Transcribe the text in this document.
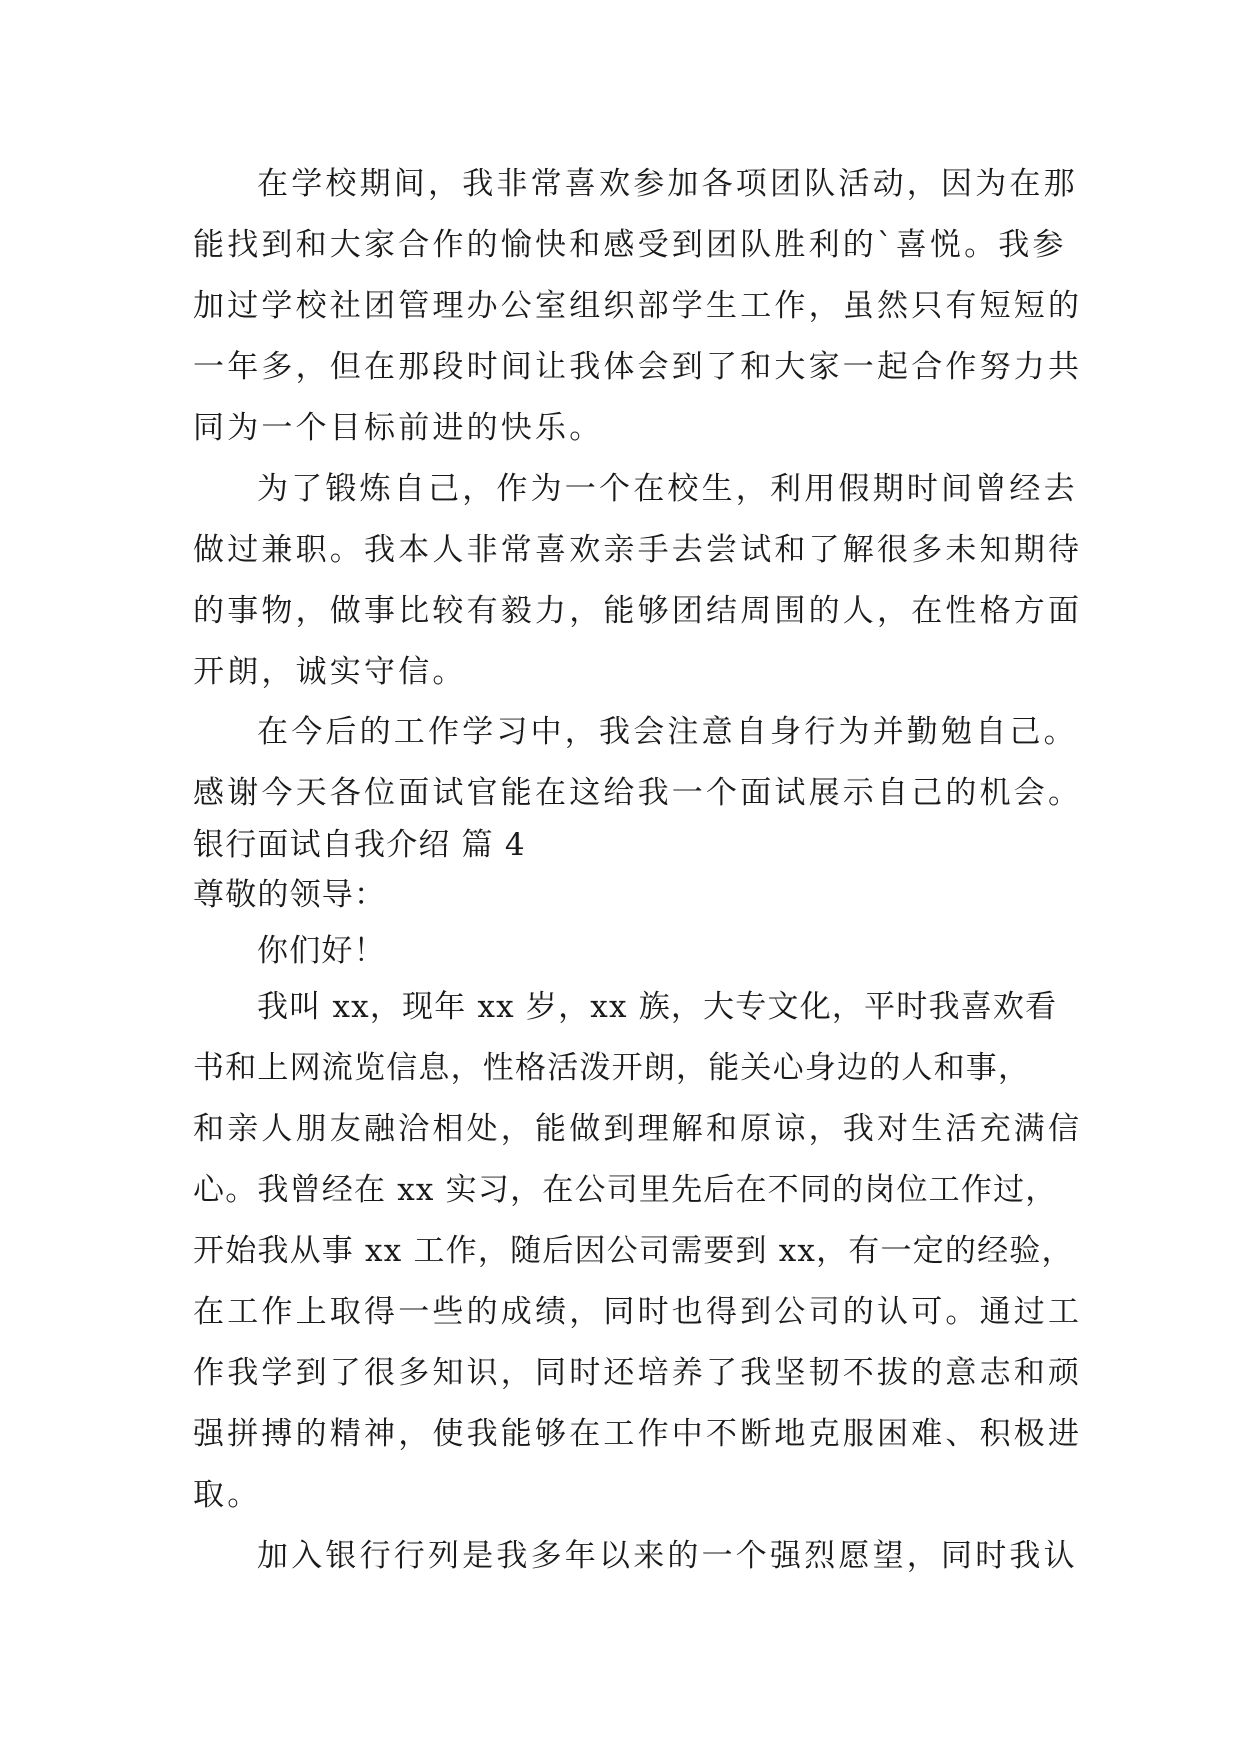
在学校期间，我非常喜欢参加各项团队活动，因为在那

能找到和大家合作的愉快和感受到团队胜利的`喜悦。我参

加过学校社团管理办公室组织部学生工作，虽然只有短短的

一年多，但在那段时间让我体会到了和大家一起合作努力共

同为一个目标前进的快乐。

为了锻炼自己，作为一个在校生，利用假期时间曾经去

做过兼职。我本人非常喜欢亲手去尝试和了解很多未知期待

的事物，做事比较有毅力，能够团结周围的人，在性格方面

开朗，诚实守信。

在今后的工作学习中，我会注意自身行为并勤勉自己。

感谢今天各位面试官能在这给我一个面试展示自己的机会。

银行面试自我介绍 篇 4

尊敬的领导：

你们好！

我叫 xx，现年 xx 岁，xx 族，大专文化，平时我喜欢看

书和上网流览信息，性格活泼开朗，能关心身边的人和事，

和亲人朋友融洽相处，能做到理解和原谅，我对生活充满信

心。我曾经在 xx 实习，在公司里先后在不同的岗位工作过，

开始我从事 xx 工作，随后因公司需要到 xx，有一定的经验，

在工作上取得一些的成绩，同时也得到公司的认可。通过工

作我学到了很多知识，同时还培养了我坚韧不拔的意志和顽

强拼搏的精神，使我能够在工作中不断地克服困难、积极进

取。

加入银行行列是我多年以来的一个强烈愿望，同时我认
